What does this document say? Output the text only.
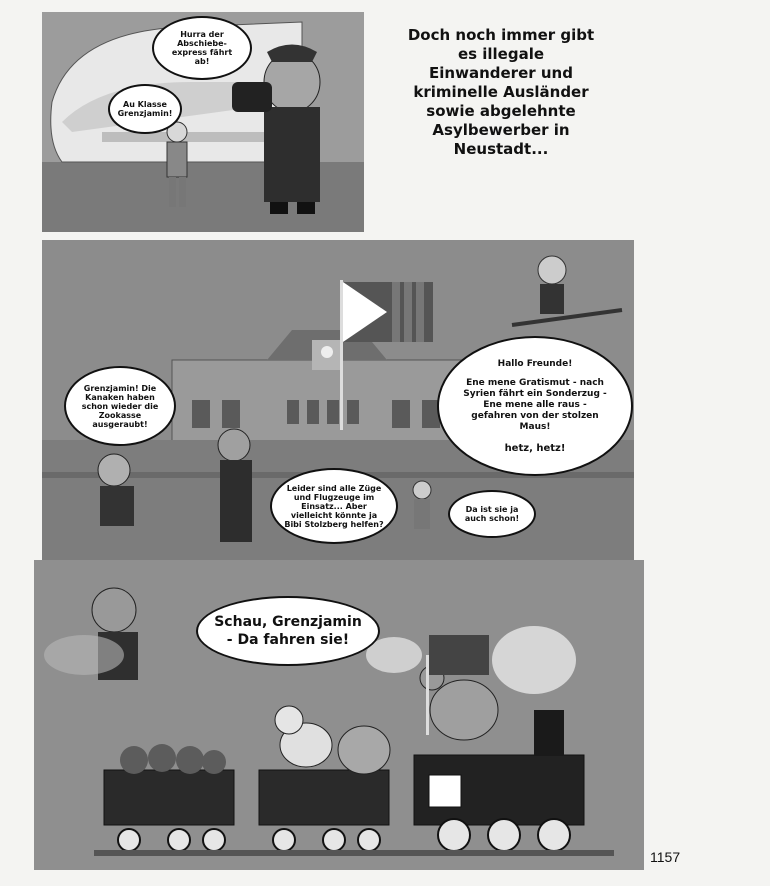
Hurra der
Abschiebe-
express fährt
ab!
Au Klasse
Grenzjamin!
Doch noch immer gibt
es illegale
Einwanderer und
kriminelle Ausländer
sowie abgelehnte
Asylbewerber in
Neustadt...
Grenzjamin! Die
Kanaken haben
schon wieder die
Zookasse
ausgeraubt!
Hallo Freunde!
Ene mene Gratismut - nach
Syrien fährt ein Sonderzug -
Ene mene alle raus -
gefahren von der stolzen
Maus!
hetz, hetz!
Leider sind alle Züge
und Flugzeuge im
Einsatz... Aber
vielleicht könnte ja
Bibi Stolzberg helfen?
Da ist sie ja
auch schon!
Schau, Grenzjamin
- Da fahren sie!
1157
